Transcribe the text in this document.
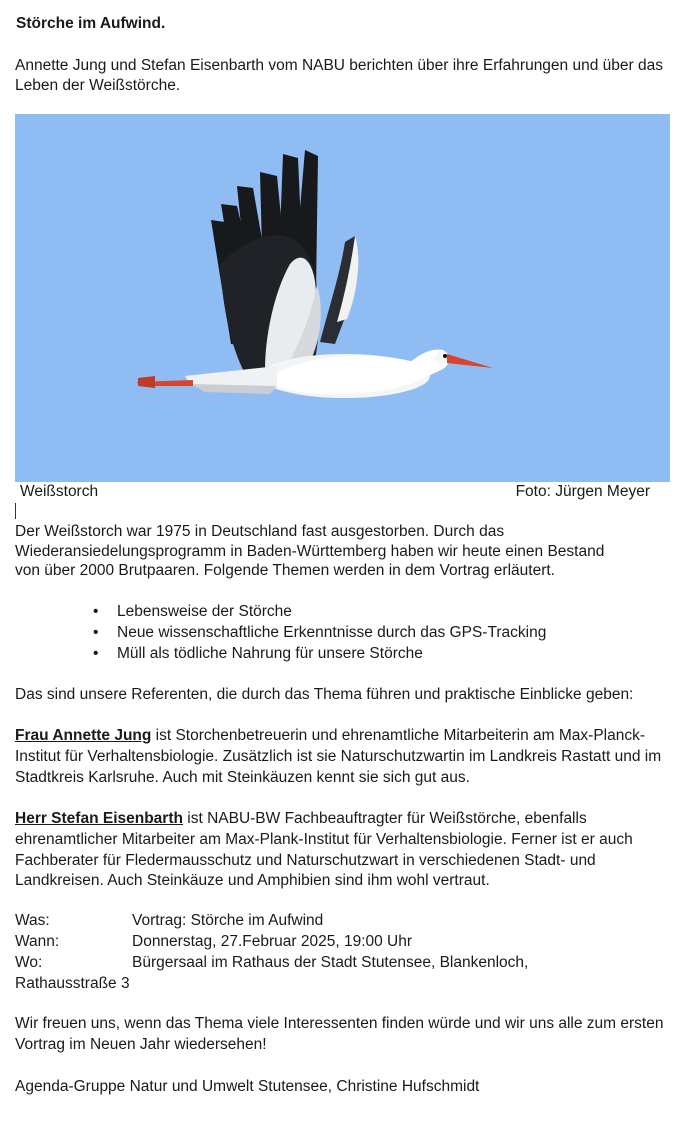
Störche im Aufwind.
Annette Jung und Stefan Eisenbarth vom NABU berichten über ihre Erfahrungen und über das Leben der Weißstörche.
Weißstorch	Foto: Jürgen Meyer
Der Weißstorch war 1975 in Deutschland fast ausgestorben. Durch das Wiederansiedelungsprogramm in Baden-Württemberg haben wir heute einen Bestand von über 2000 Brutpaaren. Folgende Themen werden in dem Vortrag erläutert.
• Lebensweise der Störche
• Neue wissenschaftliche Erkenntnisse durch das GPS-Tracking
• Müll als tödliche Nahrung für unsere Störche
Das sind unsere Referenten, die durch das Thema führen und praktische Einblicke geben:
Frau Annette Jung ist Storchenbetreuerin und ehrenamtliche Mitarbeiterin am Max-Planck-Institut für Verhaltensbiologie. Zusätzlich ist sie Naturschutzwartin im Landkreis Rastatt und im Stadtkreis Karlsruhe. Auch mit Steinkäuzen kennt sie sich gut aus.
Herr Stefan Eisenbarth ist NABU-BW Fachbeauftragter für Weißstörche, ebenfalls ehrenamtlicher Mitarbeiter am Max-Plank-Institut für Verhaltensbiologie. Ferner ist er auch Fachberater für Fledermausschutz und Naturschutzwart in verschiedenen Stadt- und Landkreisen. Auch Steinkäuze und Amphibien sind ihm wohl vertraut.
Was:	Vortrag: Störche im Aufwind
Wann:	Donnerstag, 27.Februar 2025, 19:00 Uhr
Wo:	Bürgersaal im Rathaus der Stadt Stutensee, Blankenloch,
Rathausstraße 3
Wir freuen uns, wenn das Thema viele Interessenten finden würde und wir uns alle zum ersten Vortrag im Neuen Jahr wiedersehen!
Agenda-Gruppe Natur und Umwelt Stutensee, Christine Hufschmidt
